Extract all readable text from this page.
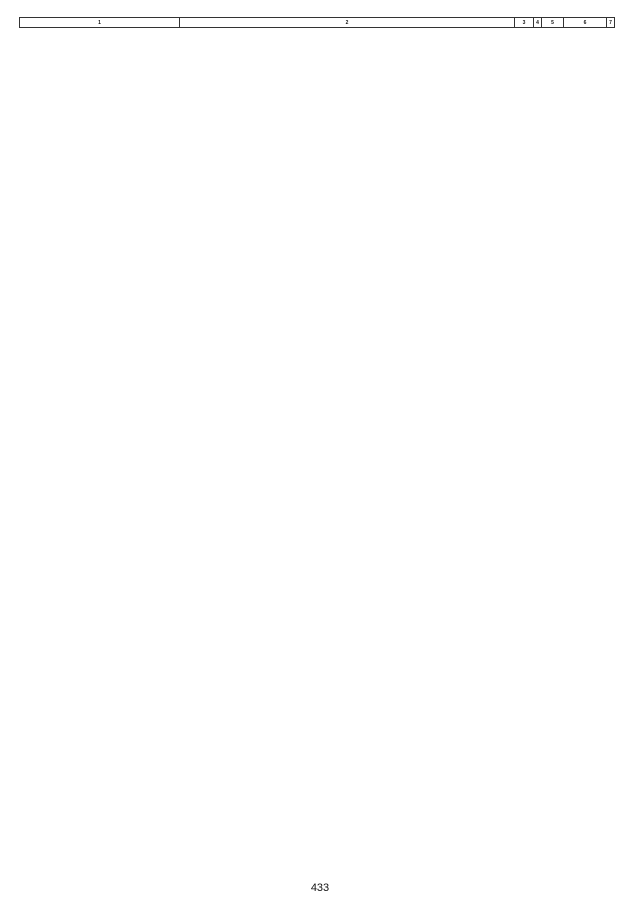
1	2	3	4	5	6	7
433
